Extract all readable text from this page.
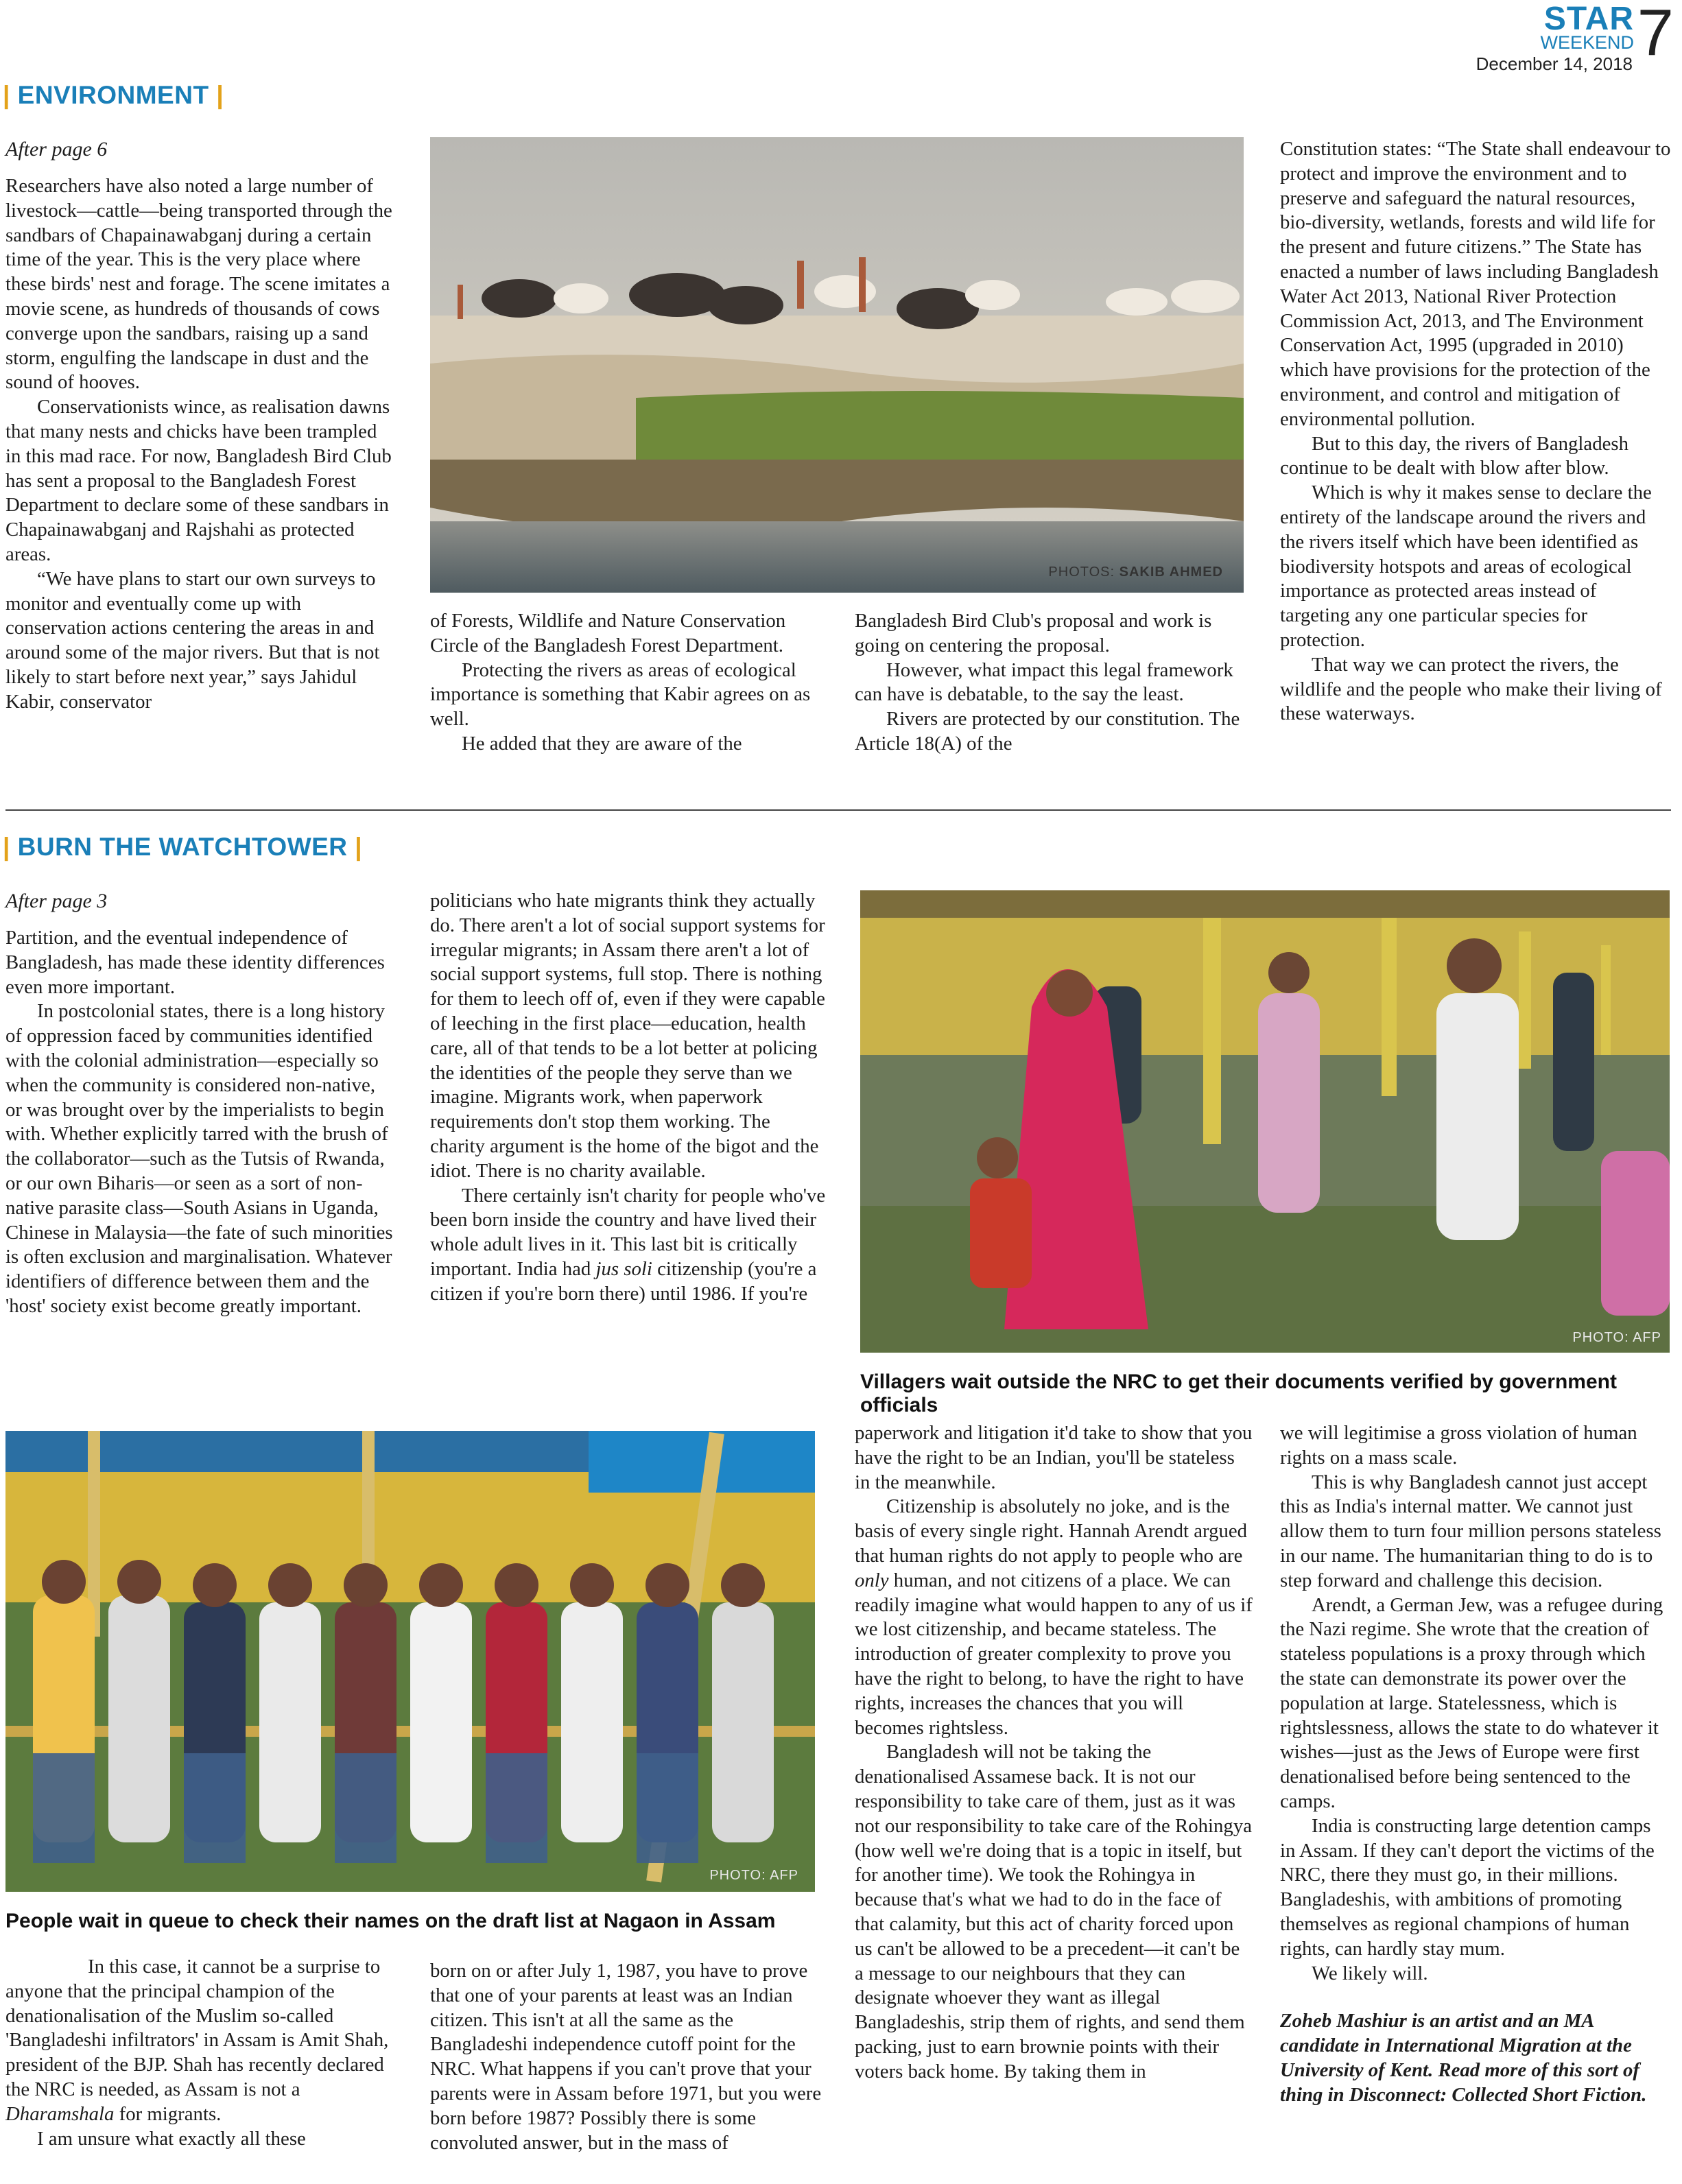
STAR
WEEKEND 7
December 14, 2018
| ENVIRONMENT |

After page 6

Researchers have also noted a large number of livestock—cattle—being transported through the sandbars of Chapainawabganj during a certain time of the year. This is the very place where these birds' nest and forage. The scene imitates a movie scene, as hundreds of thousands of cows converge upon the sandbars, raising up a sand storm, engulfing the landscape in dust and the sound of hooves.

Conservationists wince, as realisation dawns that many nests and chicks have been trampled in this mad race. For now, Bangladesh Bird Club has sent a proposal to the Bangladesh Forest Department to declare some of these sandbars in Chapainawabganj and Rajshahi as protected areas.

“We have plans to start our own surveys to monitor and eventually come up with conservation actions centering the areas in and around some of the major rivers. But that is not likely to start before next year,” says Jahidul Kabir, conservator

PHOTOS: SAKIB AHMED

of Forests, Wildlife and Nature Conservation Circle of the Bangladesh Forest Department.

Protecting the rivers as areas of ecological importance is something that Kabir agrees on as well.

He added that they are aware of the

Bangladesh Bird Club's proposal and work is going on centering the proposal.

However, what impact this legal framework can have is debatable, to the say the least.

Rivers are protected by our constitution. The Article 18(A) of the

Constitution states: “The State shall endeavour to protect and improve the environment and to preserve and safeguard the natural resources, bio-diversity, wetlands, forests and wild life for the present and future citizens.” The State has enacted a number of laws including Bangladesh Water Act 2013, National River Protection Commission Act, 2013, and The Environment Conservation Act, 1995 (upgraded in 2010) which have provisions for the protection of the environment, and control and mitigation of environmental pollution.

But to this day, the rivers of Bangladesh continue to be dealt with blow after blow.

Which is why it makes sense to declare the entirety of the landscape around the rivers and the rivers itself which have been identified as biodiversity hotspots and areas of ecological importance as protected areas instead of targeting any one particular species for protection.

That way we can protect the rivers, the wildlife and the people who make their living of these waterways.

| BURN THE WATCHTOWER |

After page 3

Partition, and the eventual independence of Bangladesh, has made these identity differences even more important.

In postcolonial states, there is a long history of oppression faced by communities identified with the colonial administration—especially so when the community is considered non-native, or was brought over by the imperialists to begin with. Whether explicitly tarred with the brush of the collaborator—such as the Tutsis of Rwanda, or our own Biharis—or seen as a sort of non-native parasite class—South Asians in Uganda, Chinese in Malaysia—the fate of such minorities is often exclusion and marginalisation. Whatever identifiers of difference between them and the 'host' society exist become greatly important.

politicians who hate migrants think they actually do. There aren't a lot of social support systems for irregular migrants; in Assam there aren't a lot of social support systems, full stop. There is nothing for them to leech off of, even if they were capable of leeching in the first place—education, health care, all of that tends to be a lot better at policing the identities of the people they serve than we imagine. Migrants work, when paperwork requirements don't stop them working. The charity argument is the home of the bigot and the idiot. There is no charity available.

There certainly isn't charity for people who've been born inside the country and have lived their whole adult lives in it. This last bit is critically important. India had jus soli citizenship (you're a citizen if you're born there) until 1986. If you're

PHOTO: AFP
Villagers wait outside the NRC to get their documents verified by government officials
PHOTO: AFP
People wait in queue to check their names on the draft list at Nagaon in Assam

In this case, it cannot be a surprise to anyone that the principal champion of the denationalisation of the Muslim so-called 'Bangladeshi infiltrators' in Assam is Amit Shah, president of the BJP. Shah has recently declared the NRC is needed, as Assam is not a Dharamshala for migrants.

I am unsure what exactly all these

born on or after July 1, 1987, you have to prove that one of your parents at least was an Indian citizen. This isn't at all the same as the Bangladeshi independence cutoff point for the NRC. What happens if you can't prove that your parents were in Assam before 1971, but you were born before 1987? Possibly there is some convoluted answer, but in the mass of

paperwork and litigation it'd take to show that you have the right to be an Indian, you'll be stateless in the meanwhile.

Citizenship is absolutely no joke, and is the basis of every single right. Hannah Arendt argued that human rights do not apply to people who are only human, and not citizens of a place. We can readily imagine what would happen to any of us if we lost citizenship, and became stateless. The introduction of greater complexity to prove you have the right to belong, to have the right to have rights, increases the chances that you will becomes rightsless.

Bangladesh will not be taking the denationalised Assamese back. It is not our responsibility to take care of them, just as it was not our responsibility to take care of the Rohingya (how well we're doing that is a topic in itself, but for another time). We took the Rohingya in because that's what we had to do in the face of that calamity, but this act of charity forced upon us can't be allowed to be a precedent—it can't be a message to our neighbours that they can designate whoever they want as illegal Bangladeshis, strip them of rights, and send them packing, just to earn brownie points with their voters back home. By taking them in

we will legitimise a gross violation of human rights on a mass scale.

This is why Bangladesh cannot just accept this as India's internal matter. We cannot just allow them to turn four million persons stateless in our name. The humanitarian thing to do is to step forward and challenge this decision.

Arendt, a German Jew, was a refugee during the Nazi regime. She wrote that the creation of stateless populations is a proxy through which the state can demonstrate its power over the population at large. Statelessness, which is rightslessness, allows the state to do whatever it wishes—just as the Jews of Europe were first denationalised before being sentenced to the camps.

India is constructing large detention camps in Assam. If they can't deport the victims of the NRC, there they must go, in their millions. Bangladeshis, with ambitions of promoting themselves as regional champions of human rights, can hardly stay mum.

We likely will.

Zoheb Mashiur is an artist and an MA candidate in International Migration at the University of Kent. Read more of this sort of thing in Disconnect: Collected Short Fiction.
